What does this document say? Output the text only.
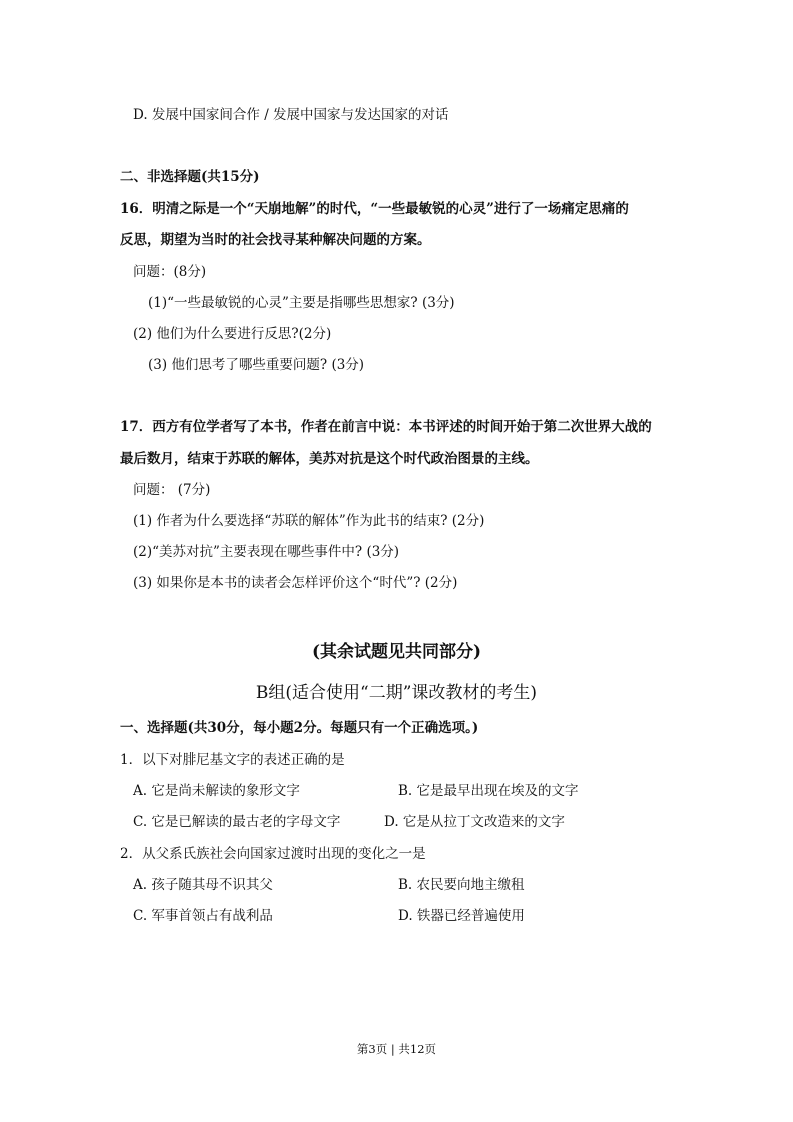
D. 发展中国家间合作 / 发展中国家与发达国家的对话
二、非选择题(共15分)
16．明清之际是一个“天崩地解”的时代，“一些最敏锐的心灵”进行了一场痛定思痛的
反思，期望为当时的社会找寻某种解决问题的方案。
问题：(8分)
(1)“一些最敏锐的心灵”主要是指哪些思想家? (3分)
(2) 他们为什么要进行反思?(2分)
(3) 他们思考了哪些重要问题? (3分)
17．西方有位学者写了本书，作者在前言中说：本书评述的时间开始于第二次世界大战的
最后数月，结束于苏联的解体，美苏对抗是这个时代政治图景的主线。
问题： (7分)
(1) 作者为什么要选择“苏联的解体”作为此书的结束? (2分)
(2)“美苏对抗”主要表现在哪些事件中? (3分)
(3) 如果你是本书的读者会怎样评价这个“时代”? (2分)
(其余试题见共同部分)
B组(适合使用“二期”课改教材的考生)
一、选择题(共30分，每小题2分。每题只有一个正确选项。)
1．以下对腓尼基文字的表述正确的是
A. 它是尚未解读的象形文字	B. 它是最早出现在埃及的文字
C. 它是已解读的最古老的字母文字	D. 它是从拉丁文改造来的文字
2．从父系氏族社会向国家过渡时出现的变化之一是
A. 孩子随其母不识其父	B. 农民要向地主缴租
C. 军事首领占有战利品	D. 铁器已经普遍使用
第3页 | 共12页
